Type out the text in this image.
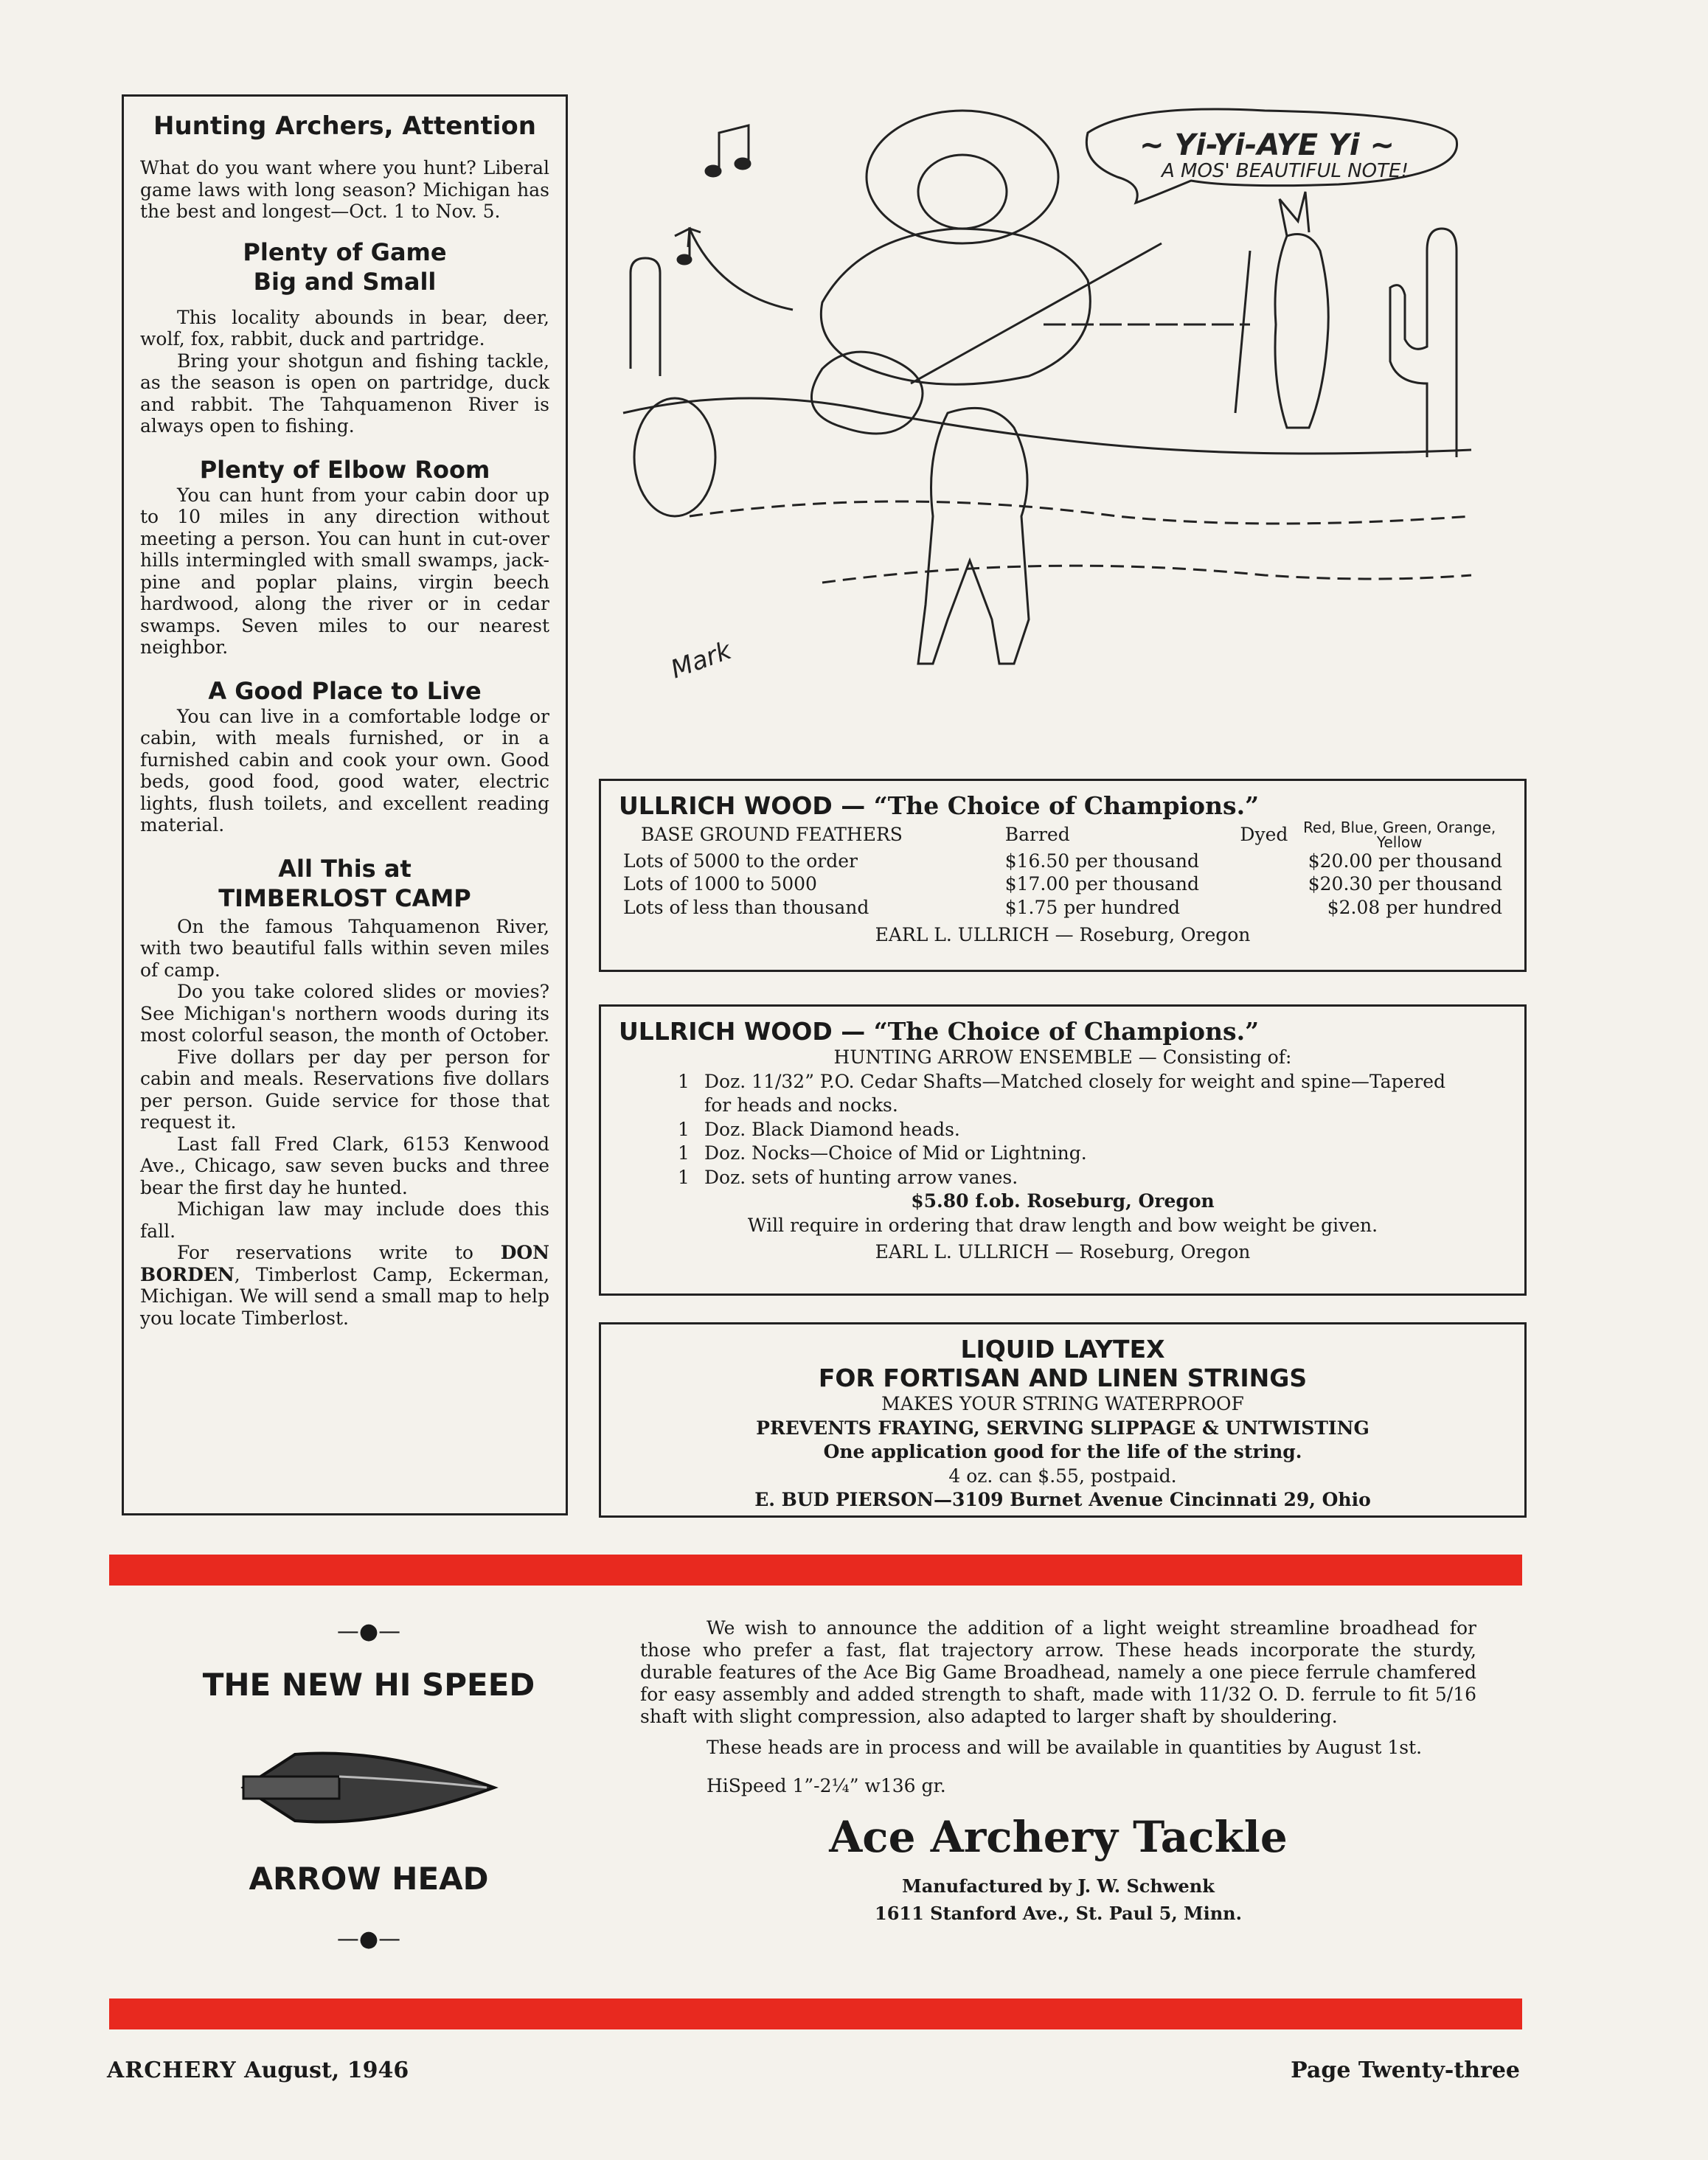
Hunting Archers, Attention

What do you want where you hunt? Liberal game laws with long season? Michigan has the best and longest—Oct. 1 to Nov. 5.

Plenty of Game
Big and Small

This locality abounds in bear, deer, wolf, fox, rabbit, duck and partridge.

Bring your shotgun and fishing tackle, as the season is open on partridge, duck and rabbit. The Tahquamenon River is always open to fishing.

Plenty of Elbow Room

You can hunt from your cabin door up to 10 miles in any direction without meeting a person. You can hunt in cut-over hills intermingled with small swamps, jack-pine and poplar plains, virgin beech hardwood, along the river or in cedar swamps. Seven miles to our nearest neighbor.

A Good Place to Live

You can live in a comfortable lodge or cabin, with meals furnished, or in a furnished cabin and cook your own. Good beds, good food, good water, electric lights, flush toilets, and excellent reading material.

All This at
TIMBERLOST CAMP

On the famous Tahquamenon River, with two beautiful falls within seven miles of camp.

Do you take colored slides or movies? See Michigan's northern woods during its most colorful season, the month of October.

Five dollars per day per person for cabin and meals. Reservations five dollars per person. Guide service for those that request it.

Last fall Fred Clark, 6153 Kenwood Ave., Chicago, saw seven bucks and three bear the first day he hunted.

Michigan law may include does this fall.

For reservations write to DON BORDEN, Timberlost Camp, Eckerman, Michigan. We will send a small map to help you locate Timberlost.

~ Yi-Yi-AYE Yi ~
A MOS' BEAUTIFUL NOTE!
Mark
ULLRICH WOOD — “The Choice of Champions.”
BASE GROUND FEATHERS	Barred	Dyed	Red, Blue, Green, Orange, Yellow
Lots of 5000 to the order	$16.50 per thousand	$20.00 per thousand	
Lots of 1000 to 5000	$17.00 per thousand	$20.30 per thousand	
Lots of less than thousand	$1.75 per hundred	$2.08 per hundred	
EARL L. ULLRICH — Roseburg, Oregon
ULLRICH WOOD — “The Choice of Champions.”
HUNTING ARROW ENSEMBLE — Consisting of:
1 Doz. 11/32” P.O. Cedar Shafts—Matched closely for weight and spine—Tapered for heads and nocks.
1 Doz. Black Diamond heads.
1 Doz. Nocks—Choice of Mid or Lightning.
1 Doz. sets of hunting arrow vanes.
$5.80 f.ob. Roseburg, Oregon
Will require in ordering that draw length and bow weight be given.
EARL L. ULLRICH — Roseburg, Oregon
LIQUID LAYTEX
FOR FORTISAN AND LINEN STRINGS
MAKES YOUR STRING WATERPROOF
PREVENTS FRAYING, SERVING SLIPPAGE & UNTWISTING
One application good for the life of the string.
4 oz. can $.55, postpaid.
E. BUD PIERSON—3109 Burnet Avenue Cincinnati 29, Ohio
—●—
THE NEW HI SPEED
ARROW HEAD
—●—

We wish to announce the addition of a light weight streamline broadhead for those who prefer a fast, flat trajectory arrow. These heads incorporate the sturdy, durable features of the Ace Big Game Broadhead, namely a one piece ferrule chamfered for easy assembly and added strength to shaft, made with 11/32 O. D. ferrule to fit 5/16 shaft with slight compression, also adapted to larger shaft by shouldering.

These heads are in process and will be available in quantities by August 1st.

HiSpeed 1”-2¼” w136 gr.

Ace Archery Tackle
Manufactured by J. W. Schwenk
1611 Stanford Ave., St. Paul 5, Minn.
ARCHERY August, 1946	Page Twenty-three
